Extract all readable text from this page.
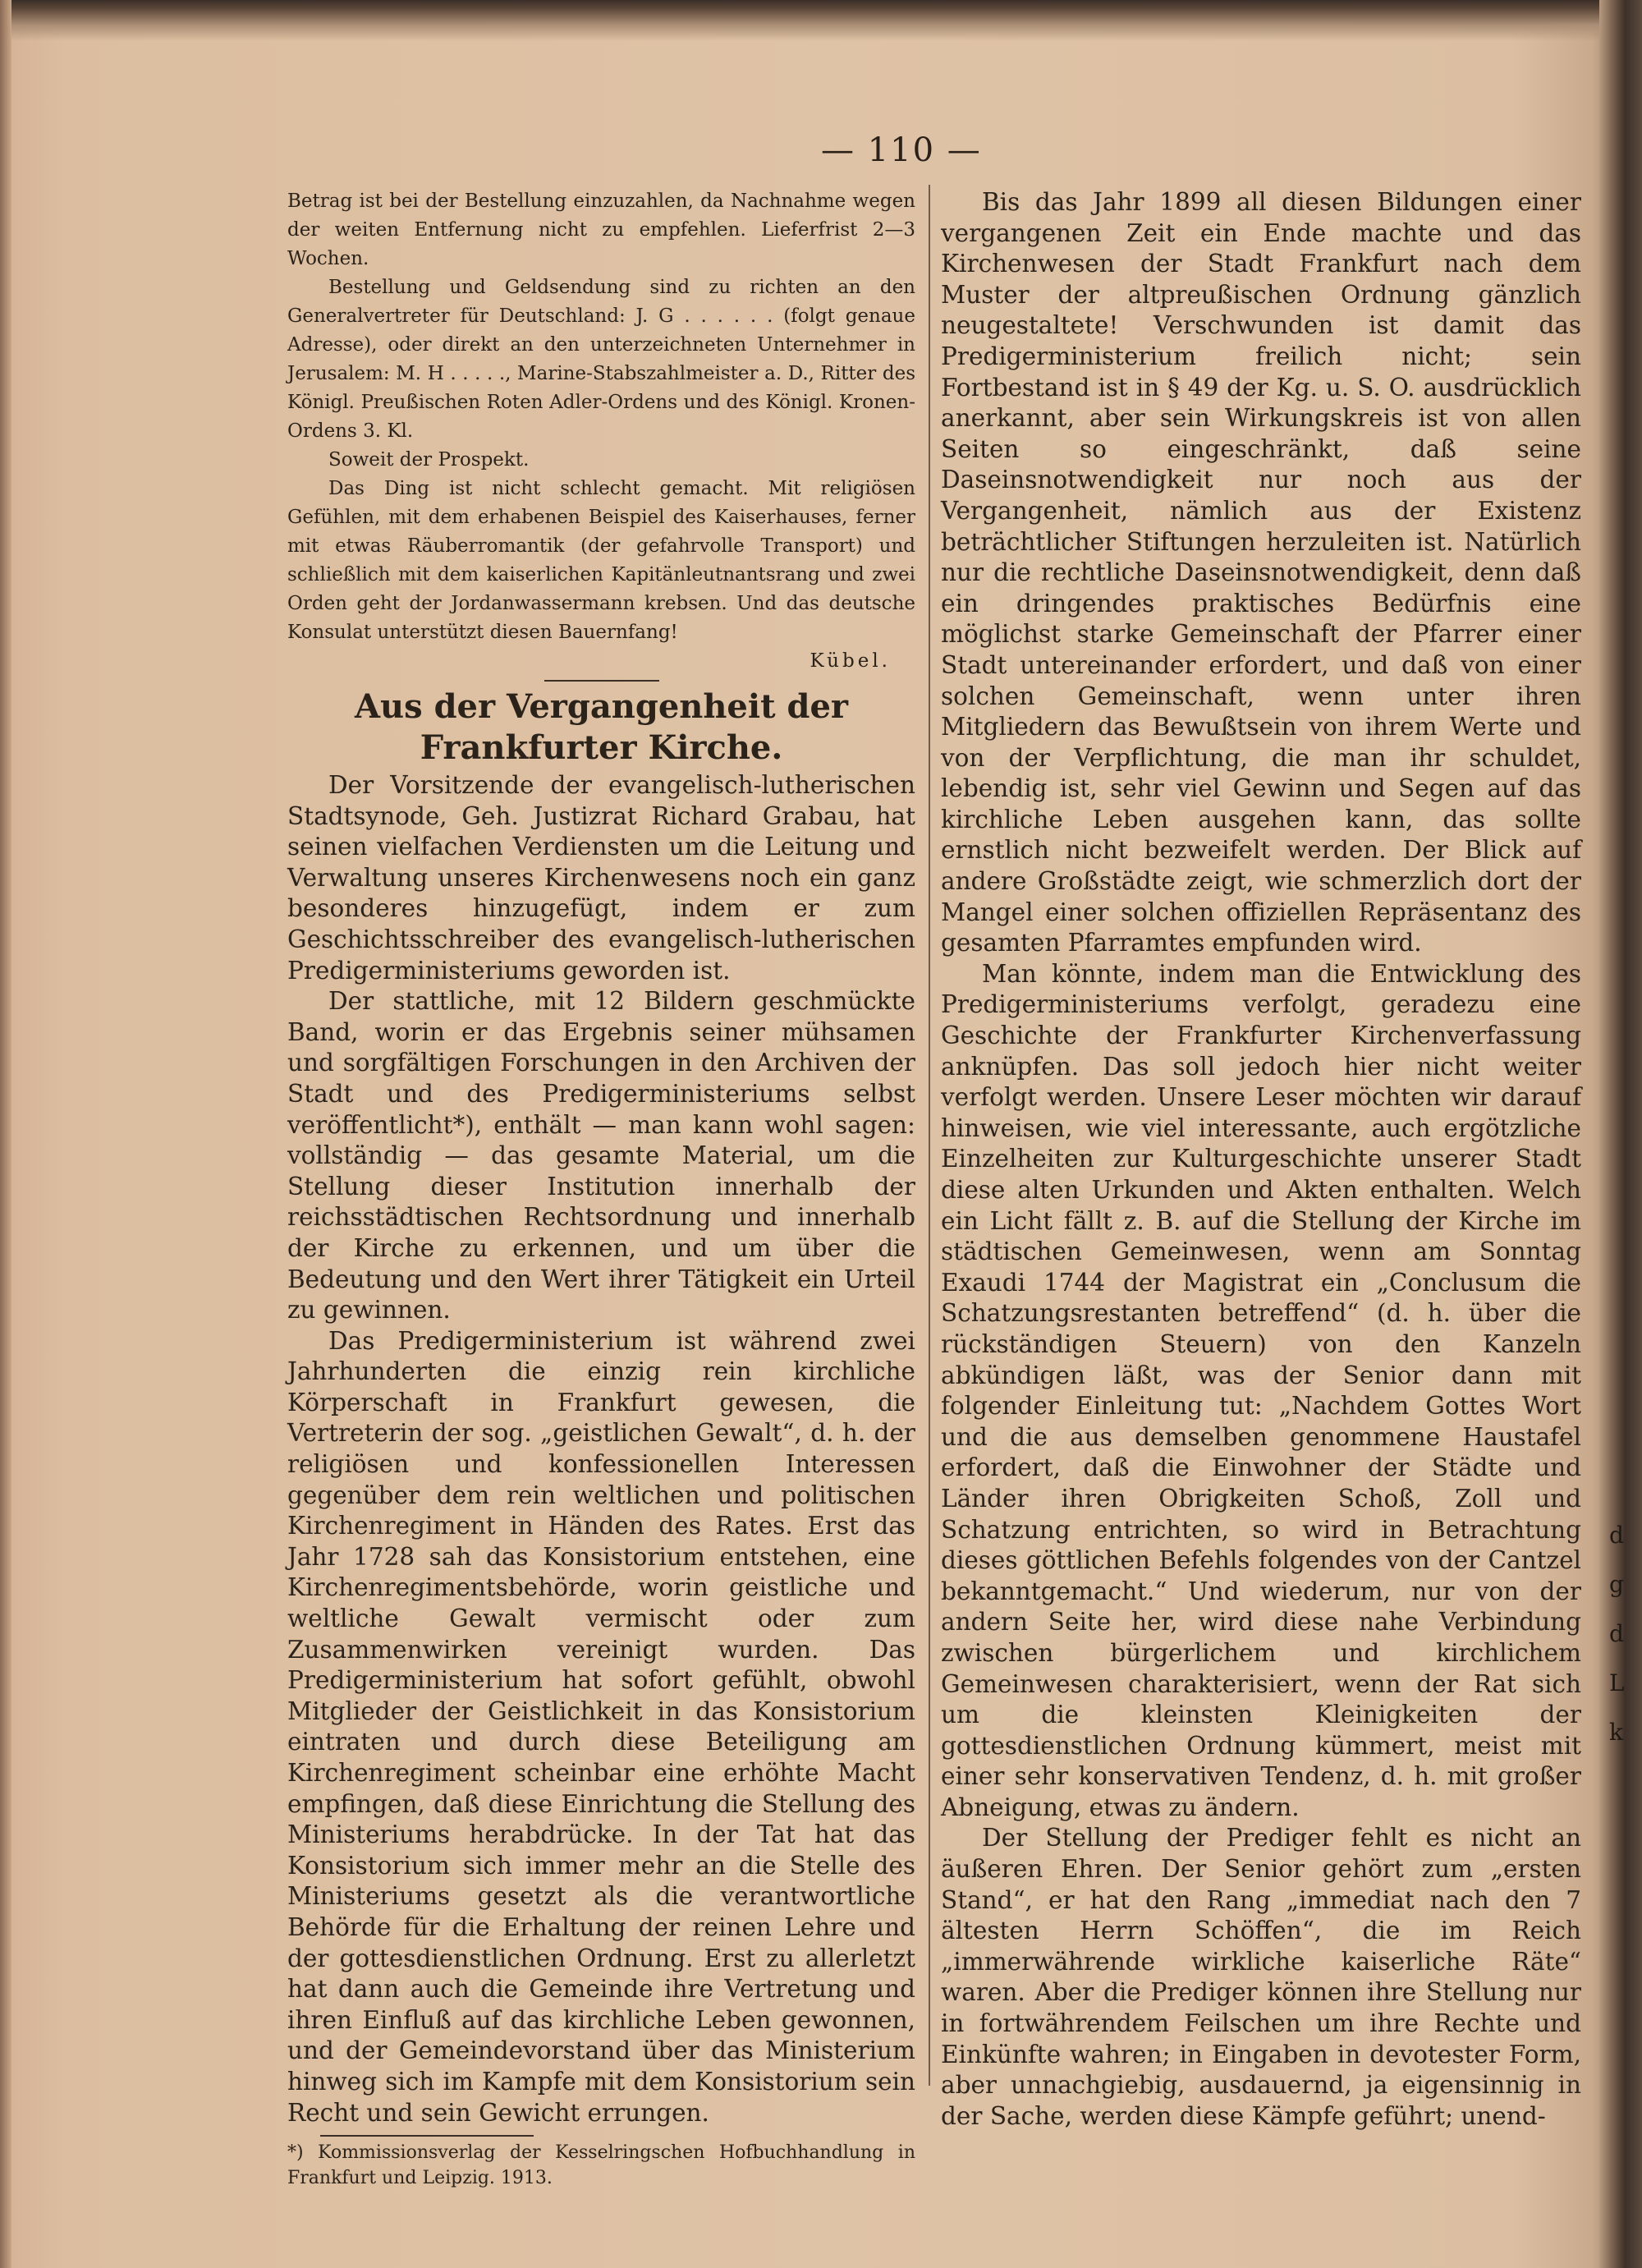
— 110 —

Betrag ist bei der Bestellung einzuzahlen, da Nachnahme wegen der weiten Entfernung nicht zu empfehlen. Lieferfrist 2—3 Wochen.

Bestellung und Geldsendung sind zu richten an den Generalvertreter für Deutschland: J. G . . . . . . (folgt genaue Adresse), oder direkt an den unterzeichneten Unternehmer in Jerusalem: M. H . . . . ., Marine-Stabszahlmeister a. D., Ritter des Königl. Preußischen Roten Adler-Ordens und des Königl. Kronen-Ordens 3. Kl.

Soweit der Prospekt.

Das Ding ist nicht schlecht gemacht. Mit religiösen Gefühlen, mit dem erhabenen Beispiel des Kaiserhauses, ferner mit etwas Räuberromantik (der gefahrvolle Transport) und schließlich mit dem kaiserlichen Kapitänleutnantsrang und zwei Orden geht der Jordanwassermann krebsen. Und das deutsche Konsulat unterstützt diesen Bauernfang!

Kübel.
Aus der Vergangenheit der Frankfurter Kirche.

Der Vorsitzende der evangelisch-lutherischen Stadtsynode, Geh. Justizrat Richard Grabau, hat seinen vielfachen Verdiensten um die Leitung und Verwaltung unseres Kirchenwesens noch ein ganz besonderes hinzugefügt, indem er zum Geschichtsschreiber des evangelisch-lutherischen Predigerministeriums geworden ist.

Der stattliche, mit 12 Bildern geschmückte Band, worin er das Ergebnis seiner mühsamen und sorgfältigen Forschungen in den Archiven der Stadt und des Predigerministeriums selbst veröffentlicht*), enthält — man kann wohl sagen: vollständig — das gesamte Material, um die Stellung dieser Institution innerhalb der reichsstädtischen Rechtsordnung und innerhalb der Kirche zu erkennen, und um über die Bedeutung und den Wert ihrer Tätigkeit ein Urteil zu gewinnen.

Das Predigerministerium ist während zwei Jahrhunderten die einzig rein kirchliche Körperschaft in Frankfurt gewesen, die Vertreterin der sog. „geistlichen Gewalt“, d. h. der religiösen und konfessionellen Interessen gegenüber dem rein weltlichen und politischen Kirchenregiment in Händen des Rates. Erst das Jahr 1728 sah das Konsistorium entstehen, eine Kirchenregimentsbehörde, worin geistliche und weltliche Gewalt vermischt oder zum Zusammenwirken vereinigt wurden. Das Predigerministerium hat sofort gefühlt, obwohl Mitglieder der Geistlichkeit in das Konsistorium eintraten und durch diese Beteiligung am Kirchenregiment scheinbar eine erhöhte Macht empfingen, daß diese Einrichtung die Stellung des Ministeriums herabdrücke. In der Tat hat das Konsistorium sich immer mehr an die Stelle des Ministeriums gesetzt als die verantwortliche Behörde für die Erhaltung der reinen Lehre und der gottesdienstlichen Ordnung. Erst zu allerletzt hat dann auch die Gemeinde ihre Vertretung und ihren Einfluß auf das kirchliche Leben gewonnen, und der Gemeindevorstand über das Ministerium hinweg sich im Kampfe mit dem Konsistorium sein Recht und sein Gewicht errungen.

*) Kommissionsverlag der Kesselringschen Hofbuchhandlung in Frankfurt und Leipzig. 1913.

Bis das Jahr 1899 all diesen Bildungen einer vergangenen Zeit ein Ende machte und das Kirchenwesen der Stadt Frankfurt nach dem Muster der altpreußischen Ordnung gänzlich neugestaltete! Verschwunden ist damit das Predigerministerium freilich nicht; sein Fortbestand ist in § 49 der Kg. u. S. O. ausdrücklich anerkannt, aber sein Wirkungskreis ist von allen Seiten so eingeschränkt, daß seine Daseinsnotwendigkeit nur noch aus der Vergangenheit, nämlich aus der Existenz beträchtlicher Stiftungen herzuleiten ist. Natürlich nur die rechtliche Daseinsnotwendigkeit, denn daß ein dringendes praktisches Bedürfnis eine möglichst starke Gemeinschaft der Pfarrer einer Stadt untereinander erfordert, und daß von einer solchen Gemeinschaft, wenn unter ihren Mitgliedern das Bewußtsein von ihrem Werte und von der Verpflichtung, die man ihr schuldet, lebendig ist, sehr viel Gewinn und Segen auf das kirchliche Leben ausgehen kann, das sollte ernstlich nicht bezweifelt werden. Der Blick auf andere Großstädte zeigt, wie schmerzlich dort der Mangel einer solchen offiziellen Repräsentanz des gesamten Pfarramtes empfunden wird.

Man könnte, indem man die Entwicklung des Predigerministeriums verfolgt, geradezu eine Geschichte der Frankfurter Kirchenverfassung anknüpfen. Das soll jedoch hier nicht weiter verfolgt werden. Unsere Leser möchten wir darauf hinweisen, wie viel interessante, auch ergötzliche Einzelheiten zur Kulturgeschichte unserer Stadt diese alten Urkunden und Akten enthalten. Welch ein Licht fällt z. B. auf die Stellung der Kirche im städtischen Gemeinwesen, wenn am Sonntag Exaudi 1744 der Magistrat ein „Conclusum die Schatzungsrestanten betreffend“ (d. h. über die rückständigen Steuern) von den Kanzeln abkündigen läßt, was der Senior dann mit folgender Einleitung tut: „Nachdem Gottes Wort und die aus demselben genommene Haustafel erfordert, daß die Einwohner der Städte und Länder ihren Obrigkeiten Schoß, Zoll und Schatzung entrichten, so wird in Betrachtung dieses göttlichen Befehls folgendes von der Cantzel bekanntgemacht.“ Und wiederum, nur von der andern Seite her, wird diese nahe Verbindung zwischen bürgerlichem und kirchlichem Gemeinwesen charakterisiert, wenn der Rat sich um die kleinsten Kleinigkeiten der gottesdienstlichen Ordnung kümmert, meist mit einer sehr konservativen Tendenz, d. h. mit großer Abneigung, etwas zu ändern.

Der Stellung der Prediger fehlt es nicht an äußeren Ehren. Der Senior gehört zum „ersten Stand“, er hat den Rang „immediat nach den 7 ältesten Herrn Schöffen“, die im Reich „immerwährende wirkliche kaiserliche Räte“ waren. Aber die Prediger können ihre Stellung nur in fortwährendem Feilschen um ihre Rechte und Einkünfte wahren; in Eingaben in devotester Form, aber unnachgiebig, ausdauernd, ja eigensinnig in der Sache, werden diese Kämpfe geführt; unend-

d
g
d
L
k
